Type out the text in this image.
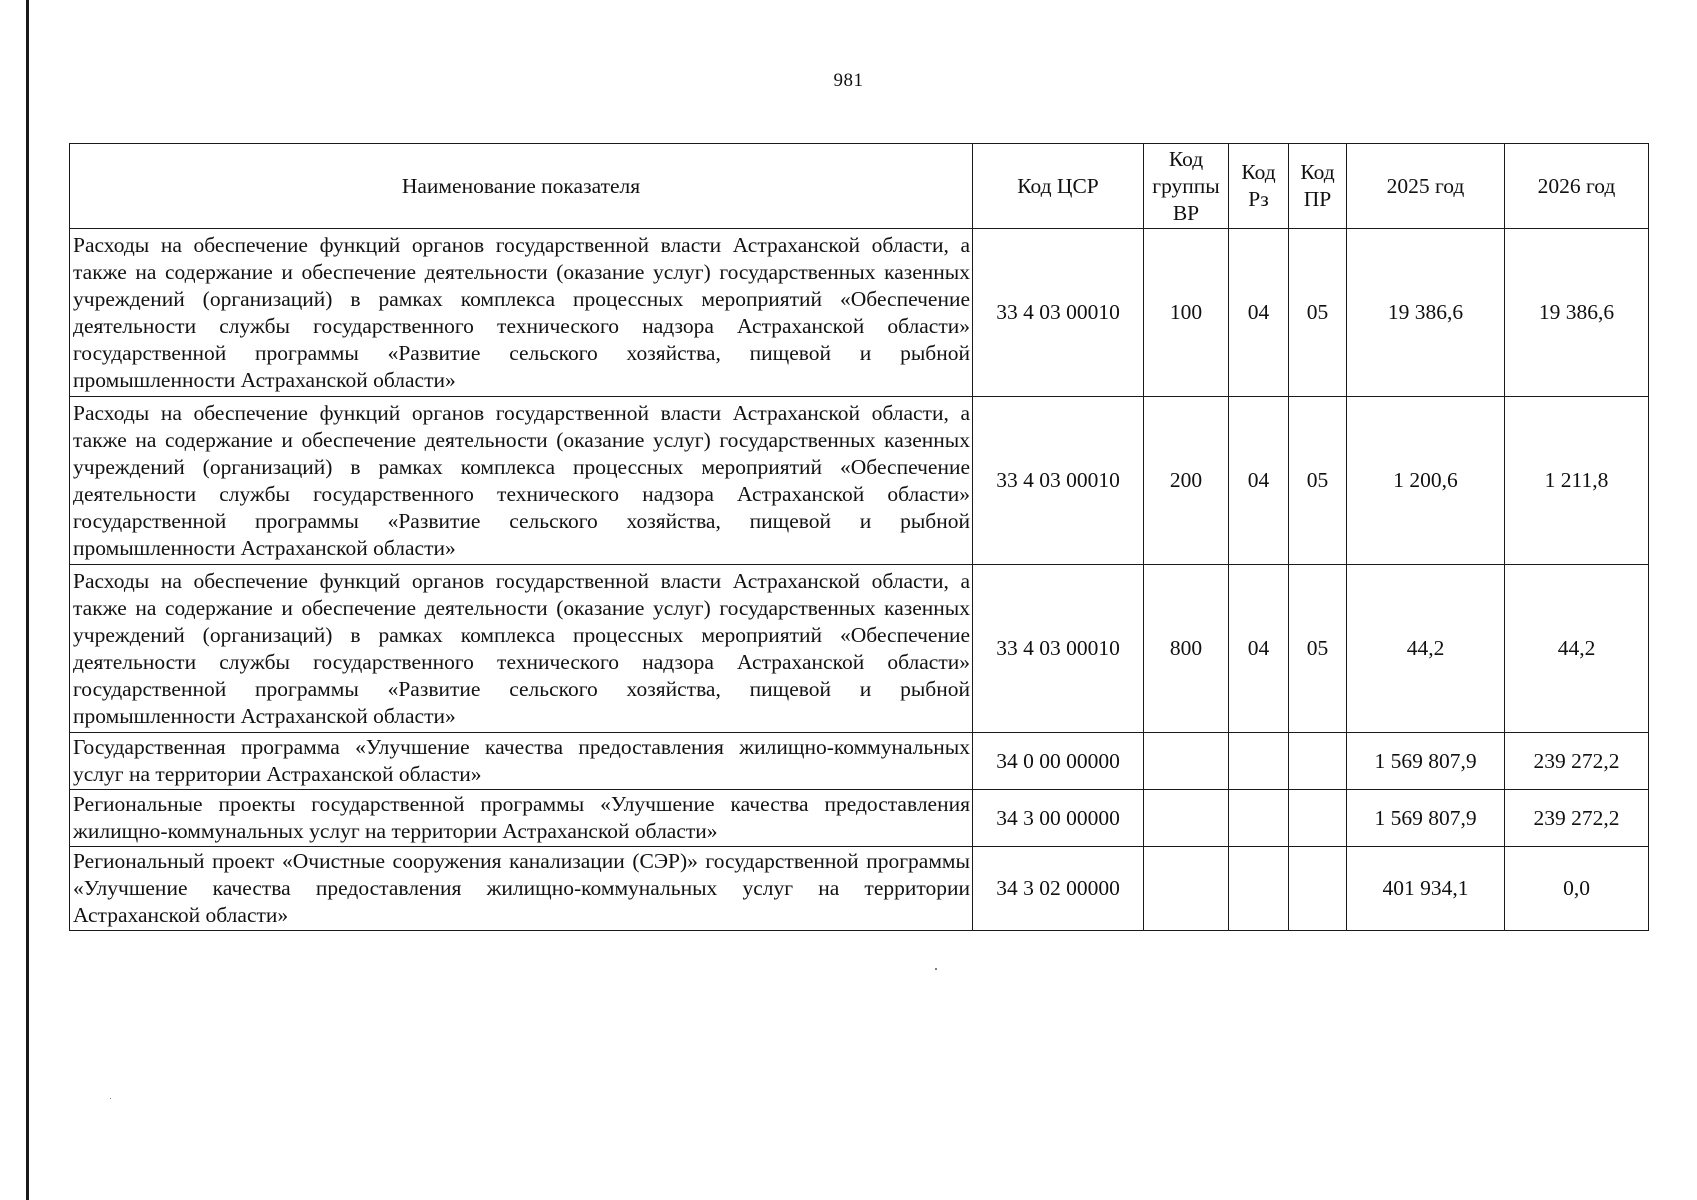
981
Наименование показателя	Код ЦСР	Код группы ВР	Код Рз	Код ПР	2025 год	2026 год
Расходы на обеспечение функций органов государственной власти Астраханской области, а также на содержание и обеспечение деятельности (оказание услуг) государственных казенных учреждений (организаций) в рамках комплекса процессных мероприятий «Обеспечение деятельности службы государственного технического надзора Астраханской области» государственной программы «Развитие сельского хозяйства, пищевой и рыбной промышленности Астраханской области»	33 4 03 00010	100	04	05	19 386,6	19 386,6
Расходы на обеспечение функций органов государственной власти Астраханской области, а также на содержание и обеспечение деятельности (оказание услуг) государственных казенных учреждений (организаций) в рамках комплекса процессных мероприятий «Обеспечение деятельности службы государственного технического надзора Астраханской области» государственной программы «Развитие сельского хозяйства, пищевой и рыбной промышленности Астраханской области»	33 4 03 00010	200	04	05	1 200,6	1 211,8
Расходы на обеспечение функций органов государственной власти Астраханской области, а также на содержание и обеспечение деятельности (оказание услуг) государственных казенных учреждений (организаций) в рамках комплекса процессных мероприятий «Обеспечение деятельности службы государственного технического надзора Астраханской области» государственной программы «Развитие сельского хозяйства, пищевой и рыбной промышленности Астраханской области»	33 4 03 00010	800	04	05	44,2	44,2
Государственная программа «Улучшение качества предоставления жилищно-коммунальных услуг на территории Астраханской области»	34 0 00 00000				1 569 807,9	239 272,2
Региональные проекты государственной программы «Улучшение качества предоставления жилищно-коммунальных услуг на территории Астраханской области»	34 3 00 00000				1 569 807,9	239 272,2
Региональный проект «Очистные сооружения канализации (СЭР)» государственной программы «Улучшение качества предоставления жилищно-коммунальных услуг на территории Астраханской области»	34 3 02 00000				401 934,1	0,0
